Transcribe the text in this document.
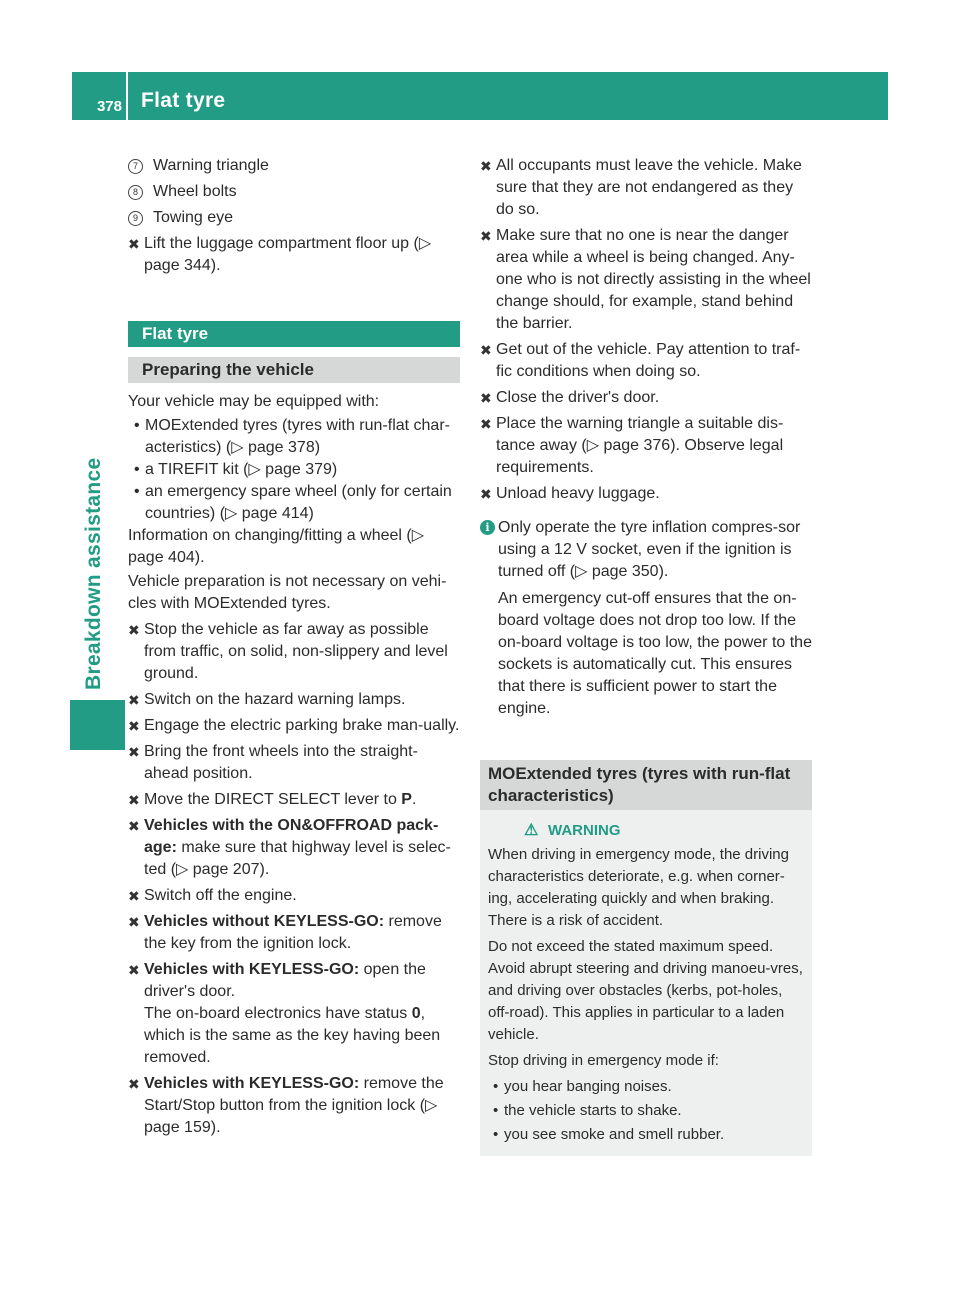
378 Flat tyre
Breakdown assistance
7 Warning triangle
8 Wheel bolts
9 Towing eye
✖ Lift the luggage compartment floor up (▷ page 344).
Flat tyre
Preparing the vehicle
Your vehicle may be equipped with:
• MOExtended tyres (tyres with run-flat char-acteristics) (▷ page 378)
• a TIREFIT kit (▷ page 379)
• an emergency spare wheel (only for certain countries) (▷ page 414)
Information on changing/fitting a wheel (▷ page 404).
Vehicle preparation is not necessary on vehi-cles with MOExtended tyres.
✖ Stop the vehicle as far away as possible from traffic, on solid, non-slippery and level ground.
✖ Switch on the hazard warning lamps.
✖ Engage the electric parking brake man-ually.
✖ Bring the front wheels into the straight-ahead position.
✖ Move the DIRECT SELECT lever to P.
✖ Vehicles with the ON&OFFROAD pack-age: make sure that highway level is selec-ted (▷ page 207).
✖ Switch off the engine.
✖ Vehicles without KEYLESS-GO: remove the key from the ignition lock.
✖ Vehicles with KEYLESS-GO: open the driver's door.
The on-board electronics have status 0, which is the same as the key having been removed.
✖ Vehicles with KEYLESS-GO: remove the Start/Stop button from the ignition lock (▷ page 159).
✖ All occupants must leave the vehicle. Make sure that they are not endangered as they do so.
✖ Make sure that no one is near the danger area while a wheel is being changed. Any-one who is not directly assisting in the wheel change should, for example, stand behind the barrier.
✖ Get out of the vehicle. Pay attention to traf-fic conditions when doing so.
✖ Close the driver's door.
✖ Place the warning triangle a suitable dis-tance away (▷ page 376). Observe legal requirements.
✖ Unload heavy luggage.
i Only operate the tyre inflation compres-sor using a 12 V socket, even if the ignition is turned off (▷ page 350).

An emergency cut-off ensures that the on-board voltage does not drop too low. If the on-board voltage is too low, the power to the sockets is automatically cut. This ensures that there is sufficient power to start the engine.

MOExtended tyres (tyres with run-flat characteristics)
⚠ WARNING

When driving in emergency mode, the driving characteristics deteriorate, e.g. when corner-ing, accelerating quickly and when braking. There is a risk of accident.

Do not exceed the stated maximum speed. Avoid abrupt steering and driving manoeu-vres, and driving over obstacles (kerbs, pot-holes, off-road). This applies in particular to a laden vehicle.

Stop driving in emergency mode if:

• you hear banging noises.
• the vehicle starts to shake.
• you see smoke and smell rubber.
